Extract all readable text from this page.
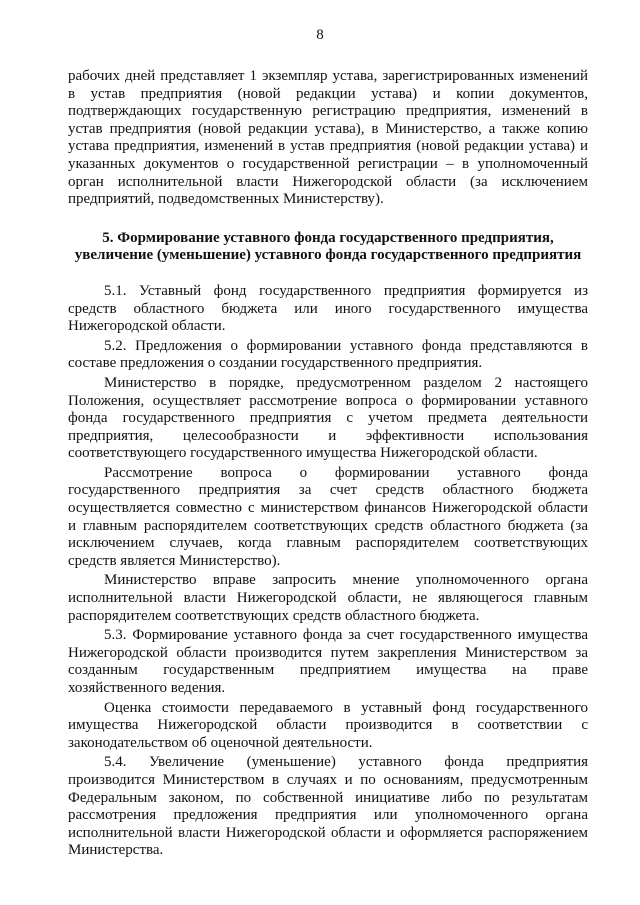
8
рабочих дней представляет 1 экземпляр устава, зарегистрированных изменений
в устав предприятия (новой редакции устава) и копии документов,
подтверждающих государственную регистрацию предприятия, изменений в
устав предприятия (новой редакции устава), в Министерство, а также копию
устава предприятия, изменений в устав предприятия (новой редакции устава) и
указанных документов о государственной регистрации – в уполномоченный
орган исполнительной власти Нижегородской области (за исключением
предприятий, подведомственных Министерству).
5. Формирование уставного фонда государственного предприятия,
увеличение (уменьшение) уставного фонда государственного предприятия
5.1. Уставный фонд государственного предприятия формируется из
средств областного бюджета или иного государственного имущества
Нижегородской области.
5.2. Предложения о формировании уставного фонда представляются в
составе предложения о создании государственного предприятия.
Министерство в порядке, предусмотренном разделом 2 настоящего
Положения, осуществляет рассмотрение вопроса о формировании уставного
фонда государственного предприятия с учетом предмета деятельности
предприятия, целесообразности и эффективности использования
соответствующего государственного имущества Нижегородской области.
Рассмотрение вопроса о формировании уставного фонда
государственного предприятия за счет средств областного бюджета
осуществляется совместно с министерством финансов Нижегородской области
и главным распорядителем соответствующих средств областного бюджета (за
исключением случаев, когда главным распорядителем соответствующих
средств является Министерство).
Министерство вправе запросить мнение уполномоченного органа
исполнительной власти Нижегородской области, не являющегося главным
распорядителем соответствующих средств областного бюджета.
5.3. Формирование уставного фонда за счет государственного имущества
Нижегородской области производится путем закрепления Министерством за
созданным государственным предприятием имущества на праве
хозяйственного ведения.
Оценка стоимости передаваемого в уставный фонд государственного
имущества Нижегородской области производится в соответствии с
законодательством об оценочной деятельности.
5.4. Увеличение (уменьшение) уставного фонда предприятия
производится Министерством в случаях и по основаниям, предусмотренным
Федеральным законом, по собственной инициативе либо по результатам
рассмотрения предложения предприятия или уполномоченного органа
исполнительной власти Нижегородской области и оформляется распоряжением
Министерства.
